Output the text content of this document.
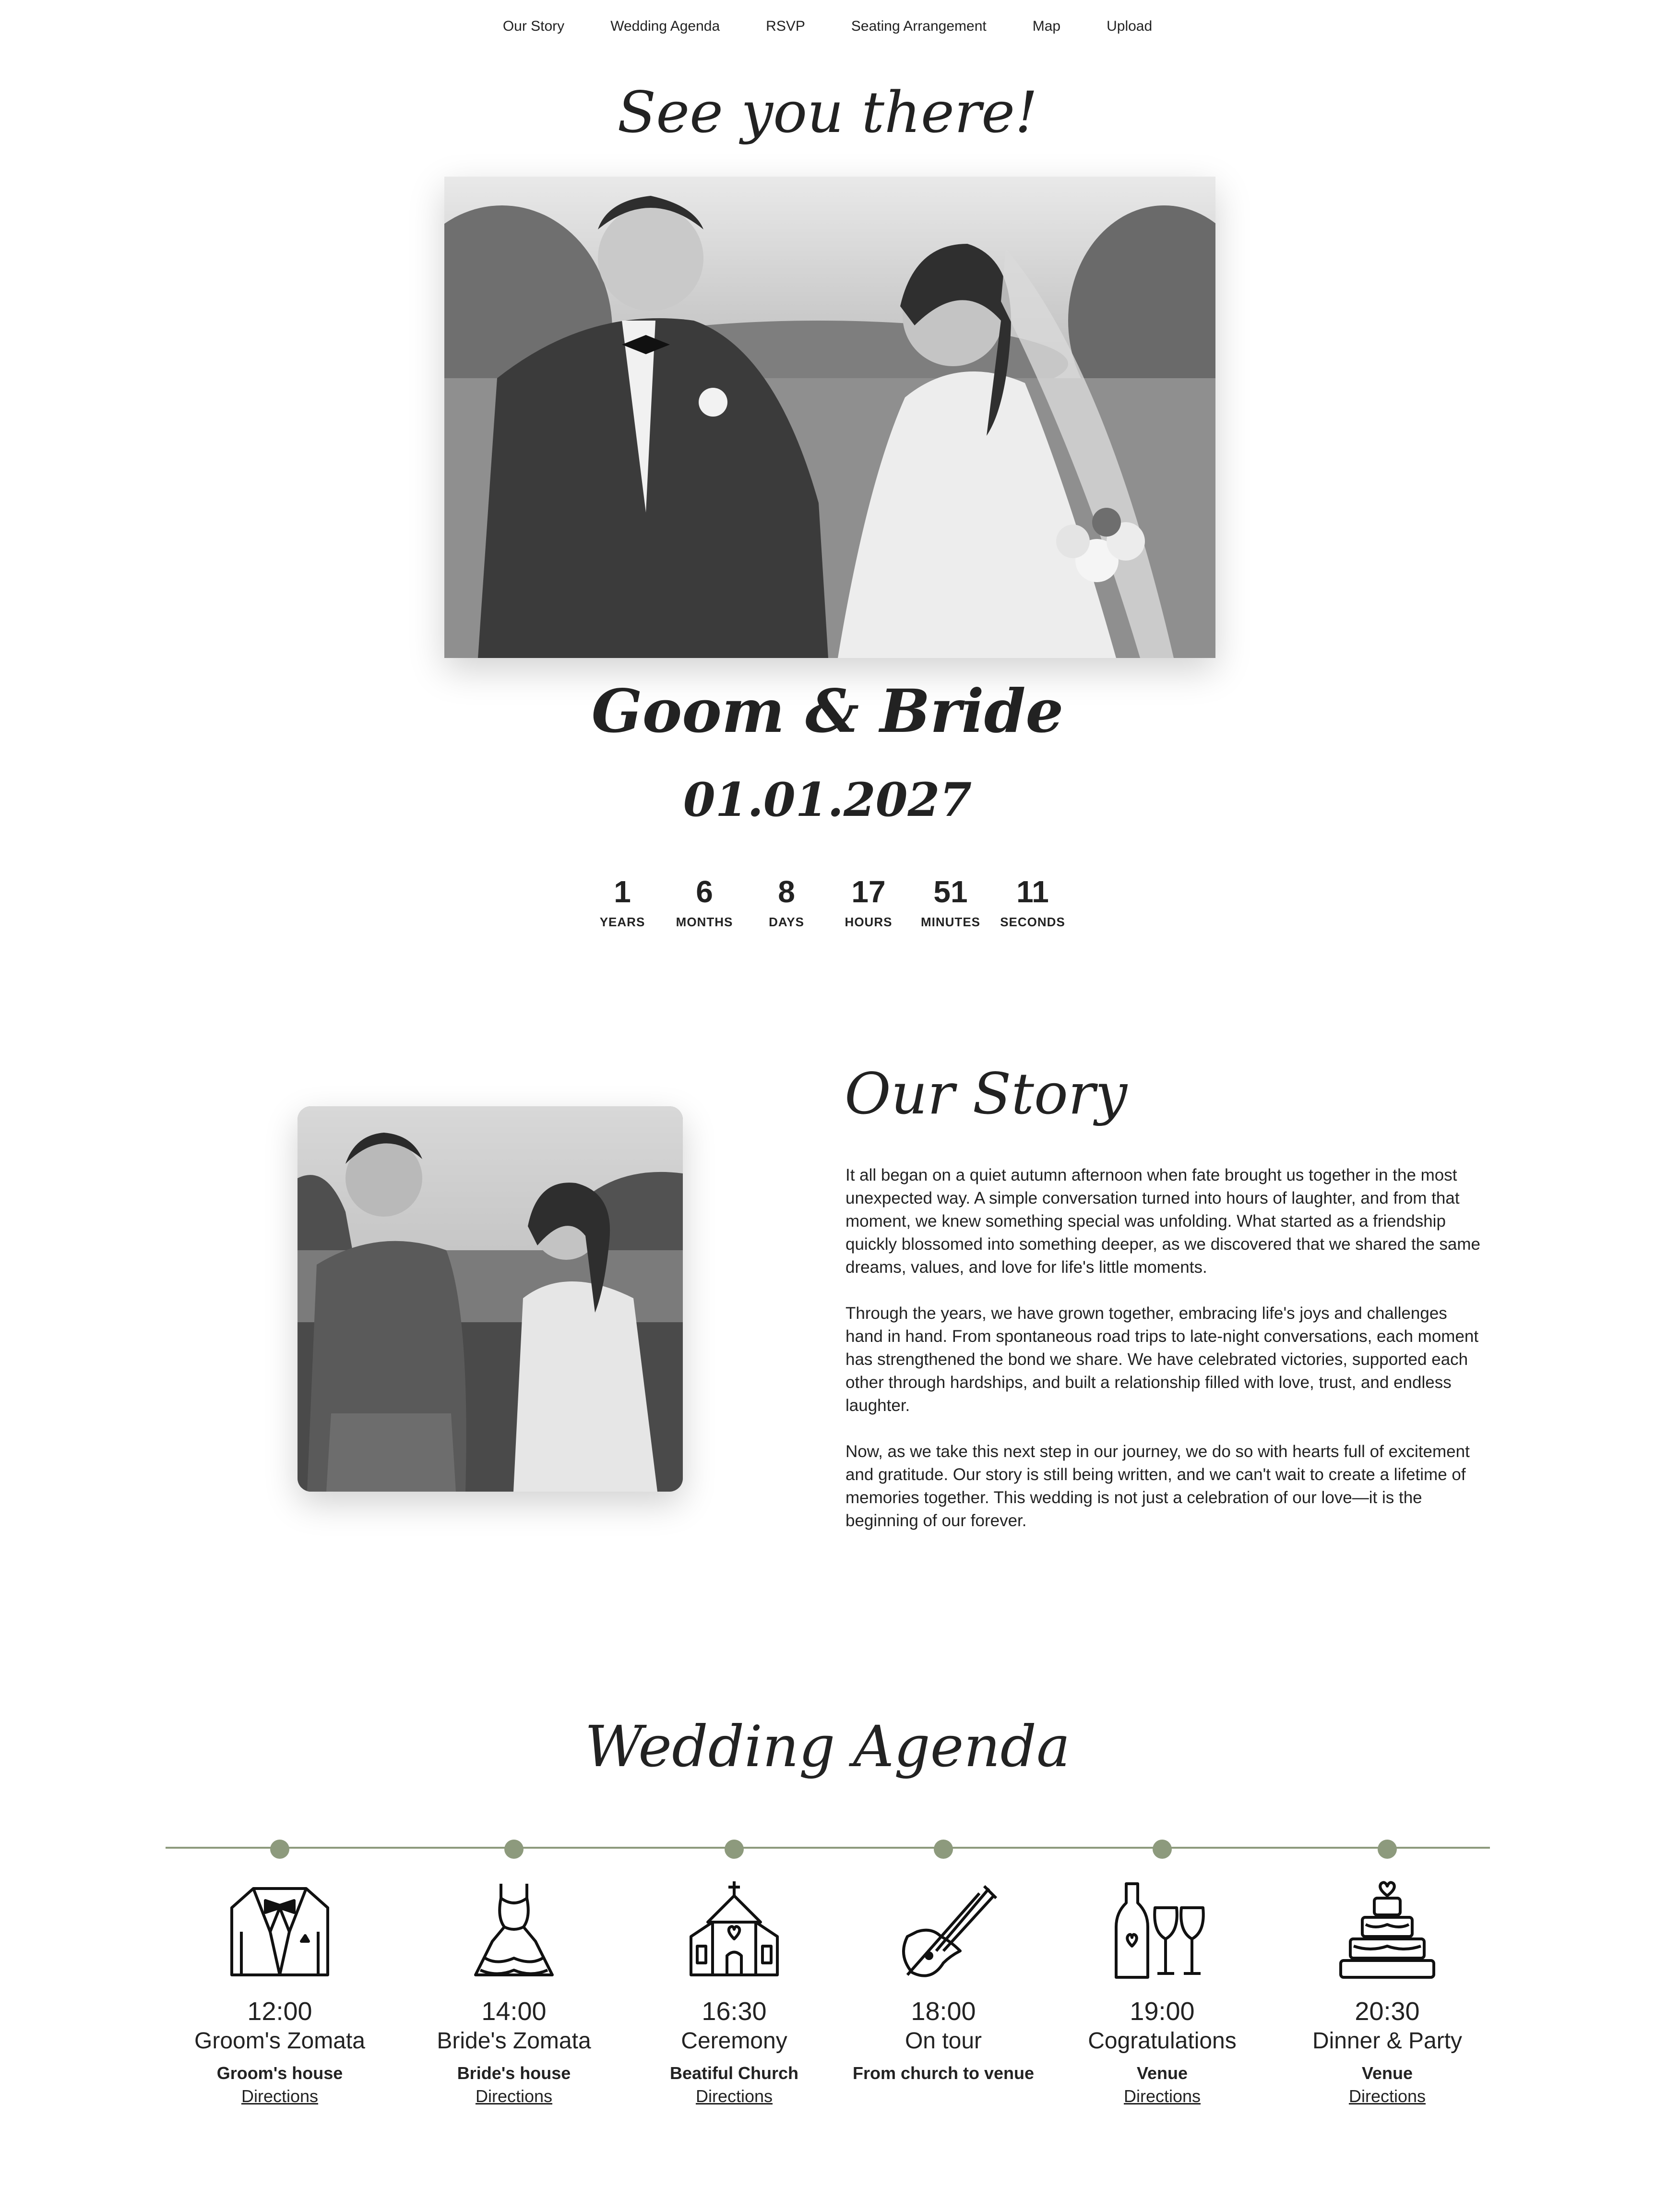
Our Story	Wedding Agenda	RSVP	Seating Arrangement	Map	Upload
See you there!
Goom & Bride
01.01.2027
1
YEARS
6
MONTHS
8
DAYS
17
HOURS
51
MINUTES
11
SECONDS
Our Story

It all began on a quiet autumn afternoon when fate brought us together in the most unexpected way. A simple conversation turned into hours of laughter, and from that moment, we knew something special was unfolding. What started as a friendship quickly blossomed into something deeper, as we discovered that we shared the same dreams, values, and love for life's little moments.

Through the years, we have grown together, embracing life's joys and challenges hand in hand. From spontaneous road trips to late-night conversations, each moment has strengthened the bond we share. We have celebrated victories, supported each other through hardships, and built a relationship filled with love, trust, and endless laughter.

Now, as we take this next step in our journey, we do so with hearts full of excitement and gratitude. Our story is still being written, and we can't wait to create a lifetime of memories together. This wedding is not just a celebration of our love—it is the beginning of our forever.

Wedding Agenda
12:00
Groom's Zomata
Groom's house
Directions
14:00
Bride's Zomata
Bride's house
Directions
16:30
Ceremony
Beatiful Church
Directions
18:00
On tour
From church to venue
19:00
Cogratulations
Venue
Directions
20:30
Dinner & Party
Venue
Directions
